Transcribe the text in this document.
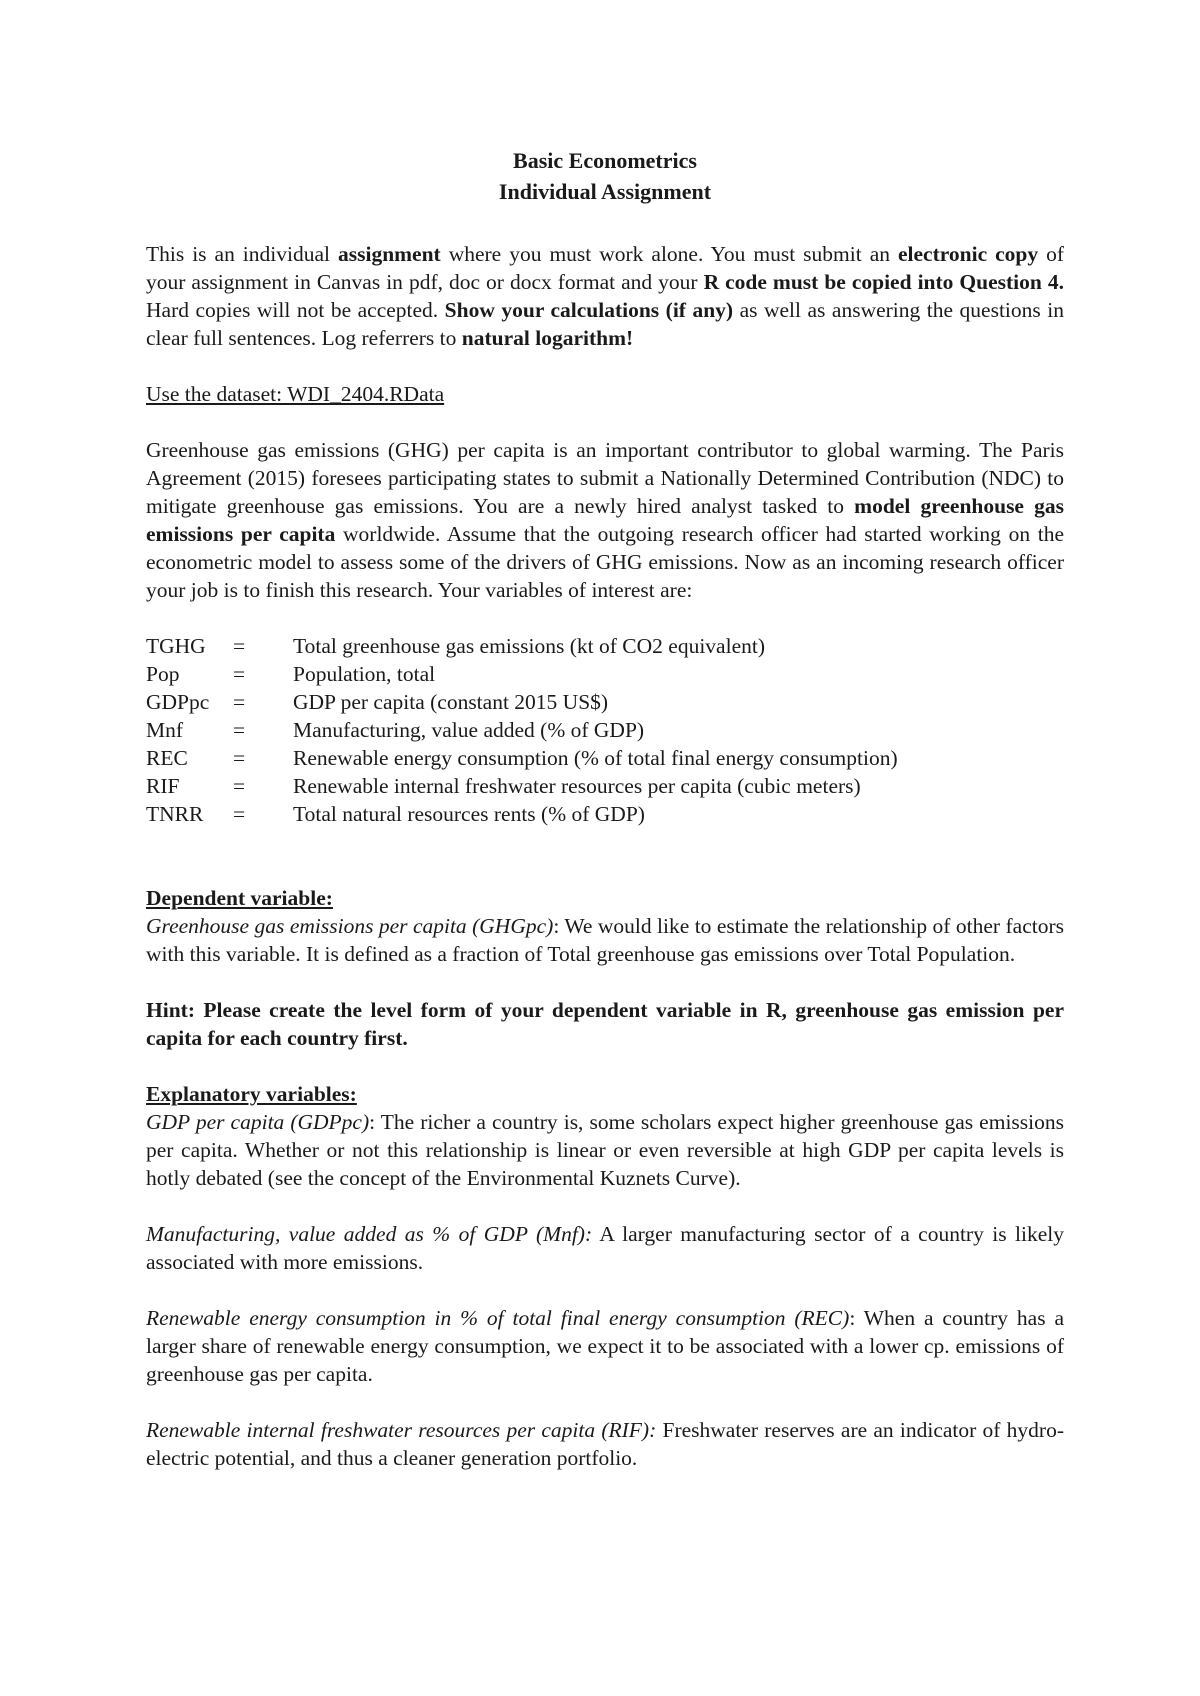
Basic Econometrics
Individual Assignment

This is an individual assignment where you must work alone. You must submit an electronic copy of your assignment in Canvas in pdf, doc or docx format and your R code must be copied into Question 4. Hard copies will not be accepted. Show your calculations (if any) as well as answering the questions in clear full sentences. Log referrers to natural logarithm!

Use the dataset: WDI_2404.RData

Greenhouse gas emissions (GHG) per capita is an important contributor to global warming. The Paris Agreement (2015) foresees participating states to submit a Nationally Determined Contribution (NDC) to mitigate greenhouse gas emissions. You are a newly hired analyst tasked to model greenhouse gas emissions per capita worldwide. Assume that the outgoing research officer had started working on the econometric model to assess some of the drivers of GHG emissions. Now as an incoming research officer your job is to finish this research. Your variables of interest are:

TGHG	=	Total greenhouse gas emissions (kt of CO2 equivalent)
Pop	=	Population, total
GDPpc	=	GDP per capita (constant 2015 US$)
Mnf	=	Manufacturing, value added (% of GDP)
REC	=	Renewable energy consumption (% of total final energy consumption)
RIF	=	Renewable internal freshwater resources per capita (cubic meters)
TNRR	=	Total natural resources rents (% of GDP)

Dependent variable:

Greenhouse gas emissions per capita (GHGpc): We would like to estimate the relationship of other factors with this variable. It is defined as a fraction of Total greenhouse gas emissions over Total Population.

Hint: Please create the level form of your dependent variable in R, greenhouse gas emission per capita for each country first.

Explanatory variables:

GDP per capita (GDPpc): The richer a country is, some scholars expect higher greenhouse gas emissions per capita. Whether or not this relationship is linear or even reversible at high GDP per capita levels is hotly debated (see the concept of the Environmental Kuznets Curve).

Manufacturing, value added as % of GDP (Mnf): A larger manufacturing sector of a country is likely associated with more emissions.

Renewable energy consumption in % of total final energy consumption (REC): When a country has a larger share of renewable energy consumption, we expect it to be associated with a lower cp. emissions of greenhouse gas per capita.

Renewable internal freshwater resources per capita (RIF): Freshwater reserves are an indicator of hydro-electric potential, and thus a cleaner generation portfolio.
